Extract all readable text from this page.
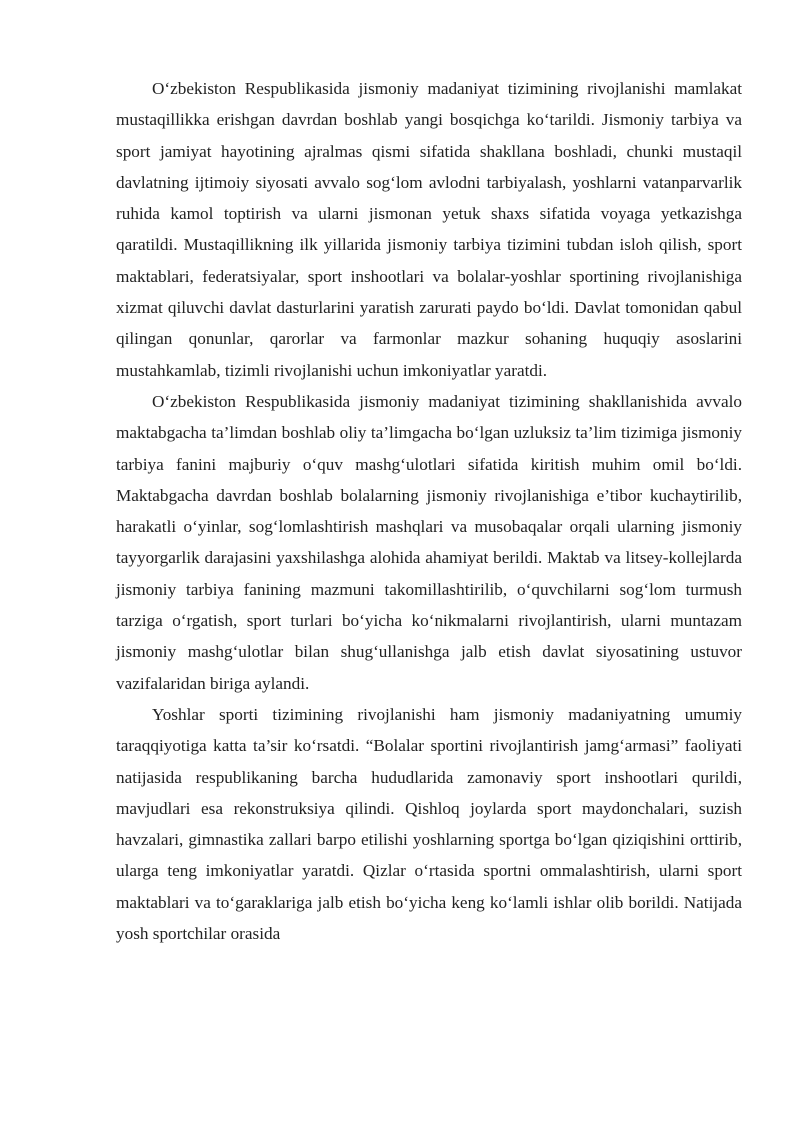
O‘zbekiston Respublikasida jismoniy madaniyat tizimining rivojlanishi mamlakat mustaqillikka erishgan davrdan boshlab yangi bosqichga ko‘tarildi. Jismoniy tarbiya va sport jamiyat hayotining ajralmas qismi sifatida shakllana boshladi, chunki mustaqil davlatning ijtimoiy siyosati avvalo sog‘lom avlodni tarbiyalash, yoshlarni vatanparvarlik ruhida kamol toptirish va ularni jismonan yetuk shaxs sifatida voyaga yetkazishga qaratildi. Mustaqillikning ilk yillarida jismoniy tarbiya tizimini tubdan isloh qilish, sport maktablari, federatsiyalar, sport inshootlari va bolalar-yoshlar sportining rivojlanishiga xizmat qiluvchi davlat dasturlarini yaratish zarurati paydo bo‘ldi. Davlat tomonidan qabul qilingan qonunlar, qarorlar va farmonlar mazkur sohaning huquqiy asoslarini mustahkamlab, tizimli rivojlanishi uchun imkoniyatlar yaratdi.

O‘zbekiston Respublikasida jismoniy madaniyat tizimining shakllanishida avvalo maktabgacha ta’limdan boshlab oliy ta’limgacha bo‘lgan uzluksiz ta’lim tizimiga jismoniy tarbiya fanini majburiy o‘quv mashg‘ulotlari sifatida kiritish muhim omil bo‘ldi. Maktabgacha davrdan boshlab bolalarning jismoniy rivojlanishiga e’tibor kuchaytirilib, harakatli o‘yinlar, sog‘lomlashtirish mashqlari va musobaqalar orqali ularning jismoniy tayyorgarlik darajasini yaxshilashga alohida ahamiyat berildi. Maktab va litsey-kollejlarda jismoniy tarbiya fanining mazmuni takomillashtirilib, o‘quvchilarni sog‘lom turmush tarziga o‘rgatish, sport turlari bo‘yicha ko‘nikmalarni rivojlantirish, ularni muntazam jismoniy mashg‘ulotlar bilan shug‘ullanishga jalb etish davlat siyosatining ustuvor vazifalaridan biriga aylandi.

Yoshlar sporti tizimining rivojlanishi ham jismoniy madaniyatning umumiy taraqqiyotiga katta ta’sir ko‘rsatdi. “Bolalar sportini rivojlantirish jamg‘armasi” faoliyati natijasida respublikaning barcha hududlarida zamonaviy sport inshootlari qurildi, mavjudlari esa rekonstruksiya qilindi. Qishloq joylarda sport maydonchalari, suzish havzalari, gimnastika zallari barpo etilishi yoshlarning sportga bo‘lgan qiziqishini orttirib, ularga teng imkoniyatlar yaratdi. Qizlar o‘rtasida sportni ommalashtirish, ularni sport maktablari va to‘garaklariga jalb etish bo‘yicha keng ko‘lamli ishlar olib borildi. Natijada yosh sportchilar orasida
